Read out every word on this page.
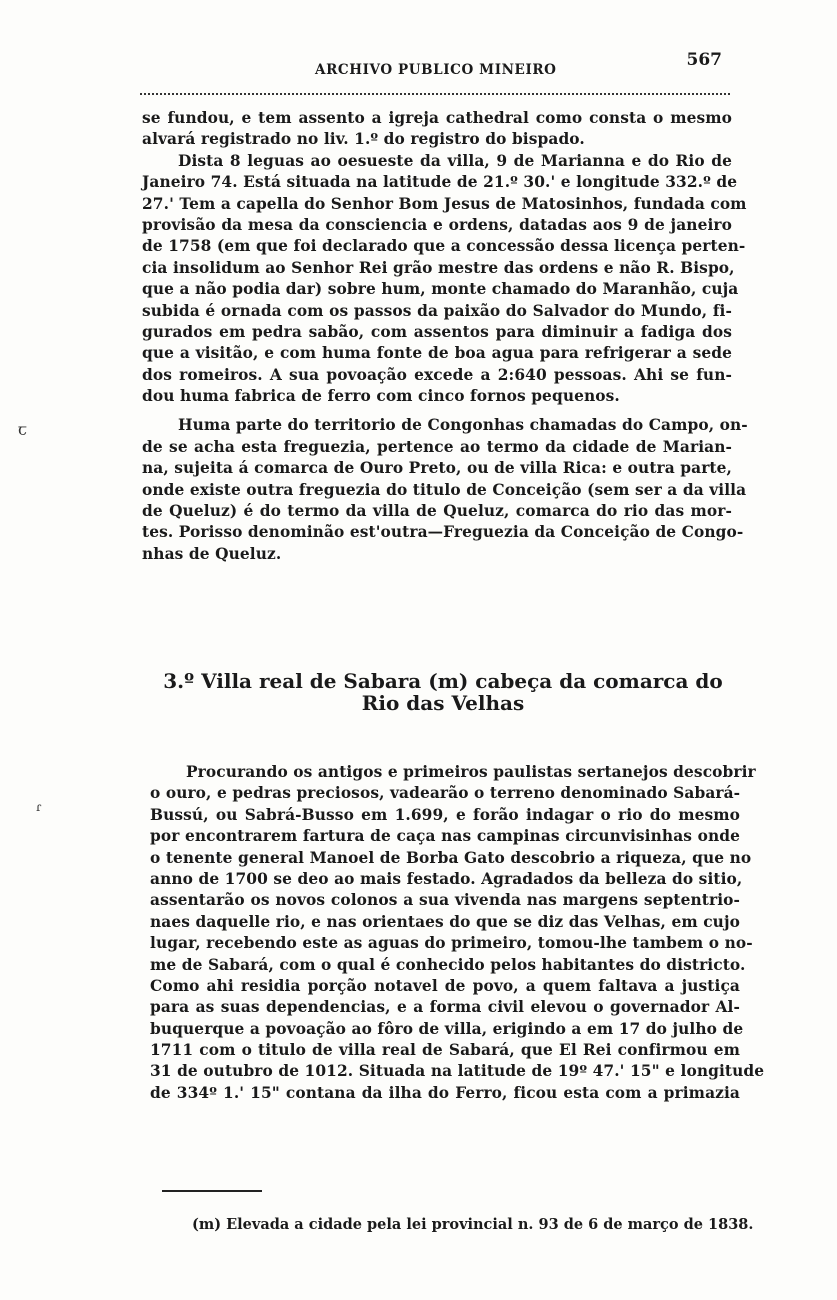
ARCHIVO PUBLICO MINEIRO	567
se fundou, e tem assento a igreja cathedral como consta o mesmo
alvará registrado no liv. 1.º do registro do bispado.
Dista 8 leguas ao oesueste da villa, 9 de Marianna e do Rio de
Janeiro 74. Está situada na latitude de 21.º 30.' e longitude 332.º de
27.' Tem a capella do Senhor Bom Jesus de Matosinhos, fundada com
provisão da mesa da consciencia e ordens, datadas aos 9 de janeiro
de 1758 (em que foi declarado que a concessão dessa licença perten-
cia insolidum ao Senhor Rei grão mestre das ordens e não R. Bispo,
que a não podia dar) sobre hum, monte chamado do Maranhão, cuja
subida é ornada com os passos da paixão do Salvador do Mundo, fi-
gurados em pedra sabão, com assentos para diminuir a fadiga dos
que a visitão, e com huma fonte de boa agua para refrigerar a sede
dos romeiros. A sua povoação excede a 2:640 pessoas. Ahi se fun-
dou huma fabrica de ferro com cinco fornos pequenos.
Huma parte do territorio de Congonhas chamadas do Campo, on-
de se acha esta freguezia, pertence ao termo da cidade de Marian-
na, sujeita á comarca de Ouro Preto, ou de villa Rica: e outra parte,
onde existe outra freguezia do titulo de Conceição (sem ser a da villa
de Queluz) é do termo da villa de Queluz, comarca do rio das mor-
tes. Porisso denominão est'outra—Freguezia da Conceição de Congo-
nhas de Queluz.
3.º Villa real de Sabara (m) cabeça da comarca do
Rio das Velhas
Procurando os antigos e primeiros paulistas sertanejos descobrir
o ouro, e pedras preciosos, vadearão o terreno denominado Sabará-
Bussú, ou Sabrá-Busso em 1.699, e forão indagar o rio do mesmo
por encontrarem fartura de caça nas campinas circunvisinhas onde
o tenente general Manoel de Borba Gato descobrio a riqueza, que no
anno de 1700 se deo ao mais festado. Agradados da belleza do sitio,
assentarão os novos colonos a sua vivenda nas margens septentrio-
naes daquelle rio, e nas orientaes do que se diz das Velhas, em cujo
lugar, recebendo este as aguas do primeiro, tomou-lhe tambem o no-
me de Sabará, com o qual é conhecido pelos habitantes do districto.
Como ahi residia porção notavel de povo, a quem faltava a justiça
para as suas dependencias, e a forma civil elevou o governador Al-
buquerque a povoação ao fôro de villa, erigindo a em 17 do julho de
1711 com o titulo de villa real de Sabará, que El Rei confirmou em
31 de outubro de 1012. Situada na latitude de 19º 47.' 15" e longitude
de 334º 1.' 15" contana da ilha do Ferro, ficou esta com a primazia
(m) Elevada a cidade pela lei provincial n. 93 de 6 de março de 1838.
ꞇ
ɾ
